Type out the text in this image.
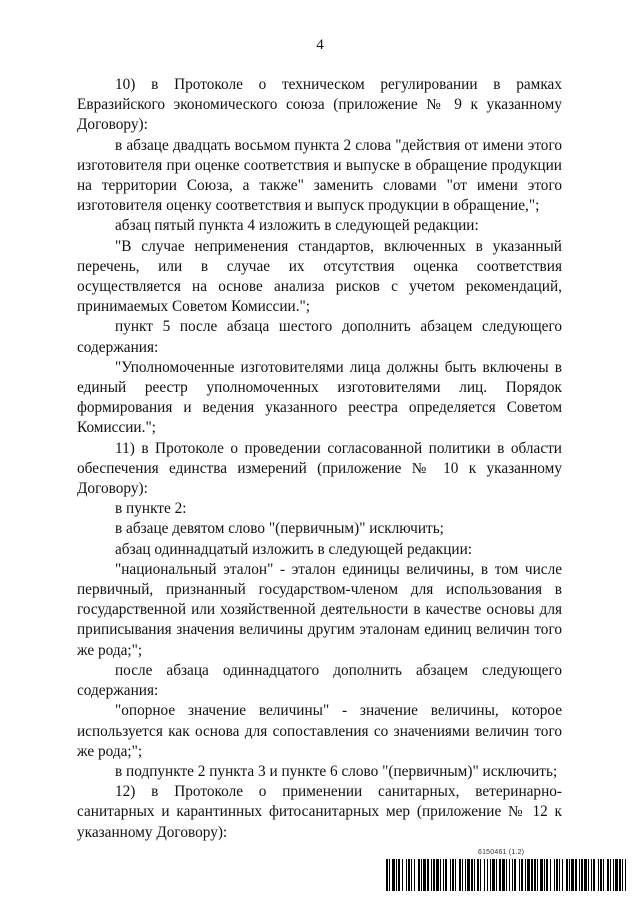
4

10) в Протоколе о техническом регулировании в рамках Евразийского экономического союза (приложение № 9 к указанному Договору):

в абзаце двадцать восьмом пункта 2 слова "действия от имени этого изготовителя при оценке соответствия и выпуске в обращение продукции на территории Союза, а также" заменить словами "от имени этого изготовителя оценку соответствия и выпуск продукции в обращение,";

абзац пятый пункта 4 изложить в следующей редакции:

"В случае неприменения стандартов, включенных в указанный перечень, или в случае их отсутствия оценка соответствия осуществляется на основе анализа рисков с учетом рекомендаций, принимаемых Советом Комиссии.";

пункт 5 после абзаца шестого дополнить абзацем следующего содержания:

"Уполномоченные изготовителями лица должны быть включены в единый реестр уполномоченных изготовителями лиц. Порядок формирования и ведения указанного реестра определяется Советом Комиссии.";

11) в Протоколе о проведении согласованной политики в области обеспечения единства измерений (приложение № 10 к указанному Договору):

в пункте 2:

в абзаце девятом слово "(первичным)" исключить;

абзац одиннадцатый изложить в следующей редакции:

"национальный эталон" - эталон единицы величины, в том числе первичный, признанный государством-членом для использования в государственной или хозяйственной деятельности в качестве основы для приписывания значения величины другим эталонам единиц величин того же рода;";

после абзаца одиннадцатого дополнить абзацем следующего содержания:

"опорное значение величины" - значение величины, которое используется как основа для сопоставления со значениями величин того же рода;";

в подпункте 2 пункта 3 и пункте 6 слово "(первичным)" исключить;

12) в Протоколе о применении санитарных, ветеринарно-санитарных и карантинных фитосанитарных мер (приложение № 12 к указанному Договору):

6150461 (1.2)
